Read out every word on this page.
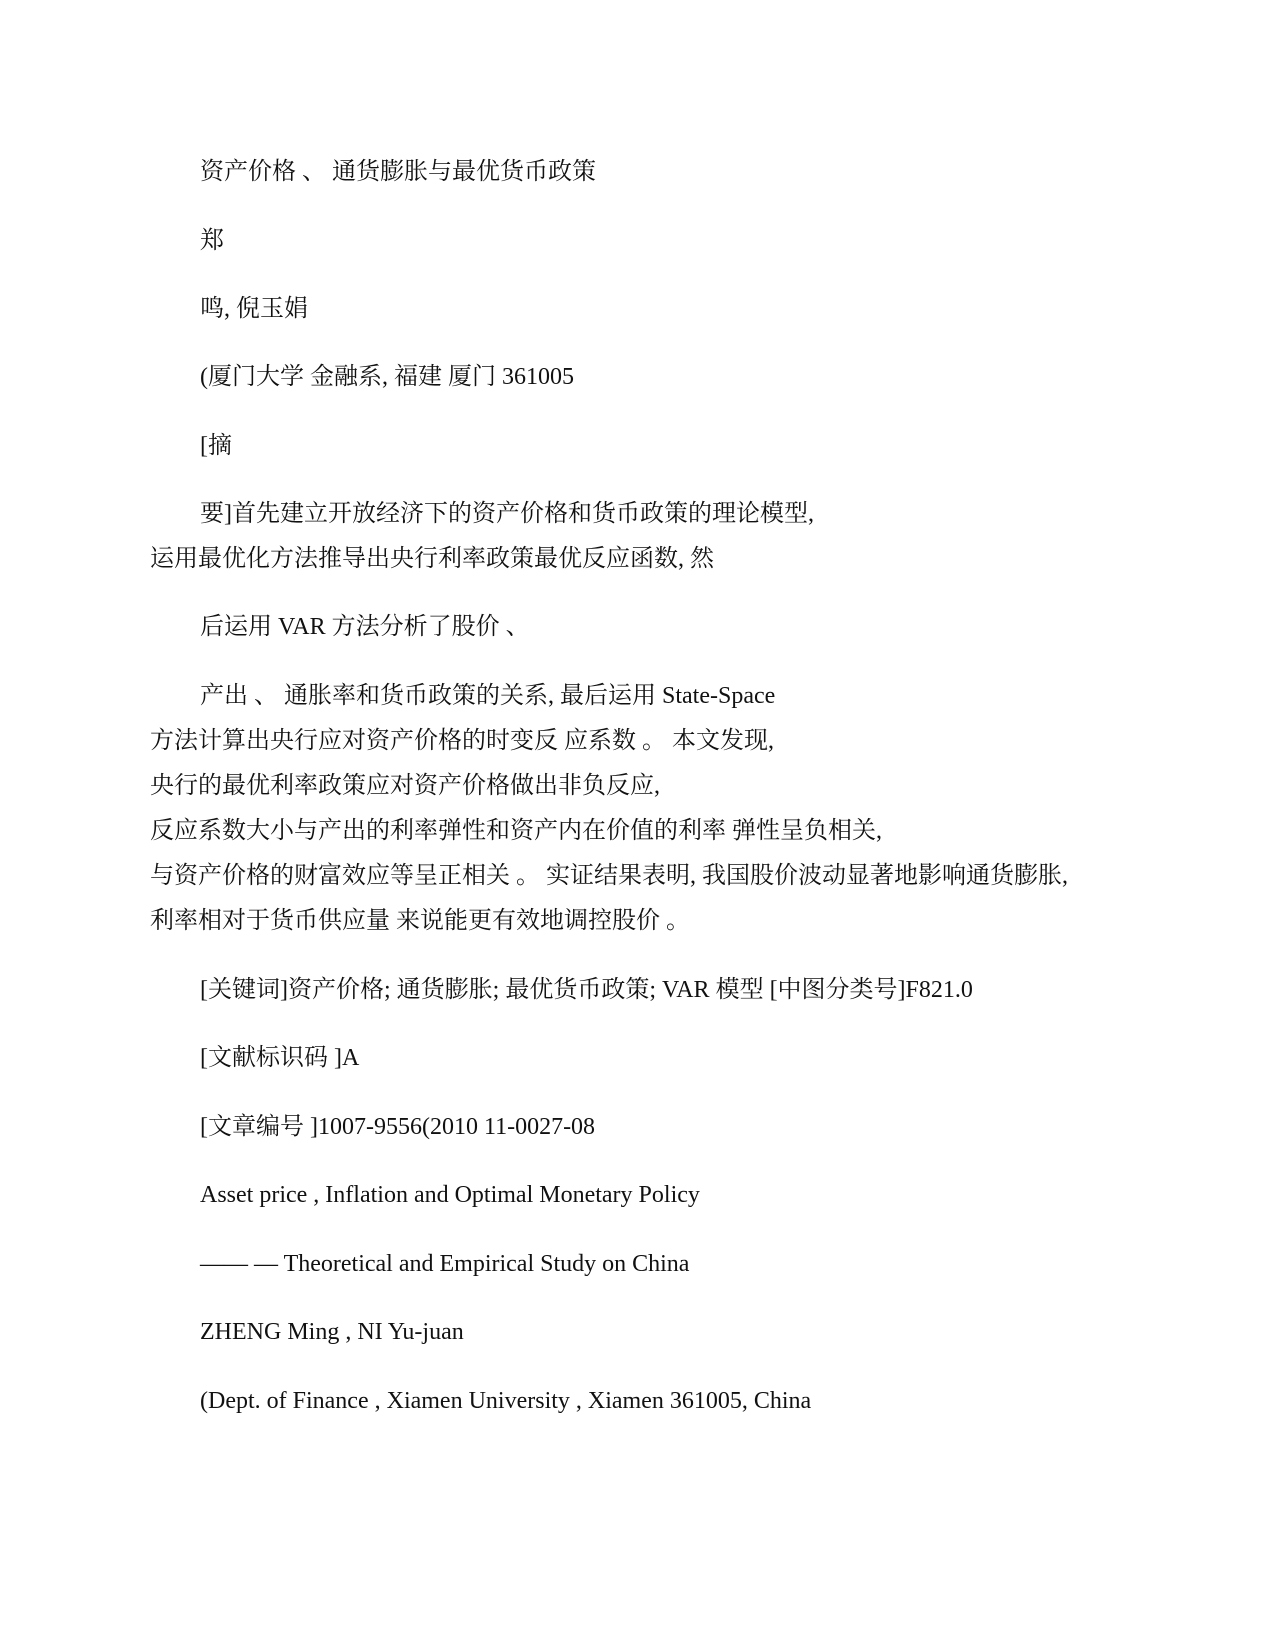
资产价格 、 通货膨胀与最优货币政策

郑

鸣, 倪玉娟

(厦门大学 金融系, 福建 厦门 361005

[摘

要]首先建立开放经济下的资产价格和货币政策的理论模型,

运用最优化方法推导出央行利率政策最优反应函数, 然

后运用 VAR 方法分析了股价 、

产出 、 通胀率和货币政策的关系, 最后运用 State-Space

方法计算出央行应对资产价格的时变反 应系数 。 本文发现,

央行的最优利率政策应对资产价格做出非负反应,

反应系数大小与产出的利率弹性和资产内在价值的利率 弹性呈负相关,

与资产价格的财富效应等呈正相关 。 实证结果表明, 我国股价波动显著地影响通货膨胀,

利率相对于货币供应量 来说能更有效地调控股价 。

[关键词]资产价格; 通货膨胀; 最优货币政策; VAR 模型 [中图分类号]F821.0

[文献标识码 ]A

[文章编号 ]1007-9556(2010 11-0027-08

Asset price , Inflation and Optimal Monetary Policy

—— — Theoretical and Empirical Study on China

ZHENG Ming , NI Yu-juan

(Dept. of Finance , Xiamen University , Xiamen 361005, China
